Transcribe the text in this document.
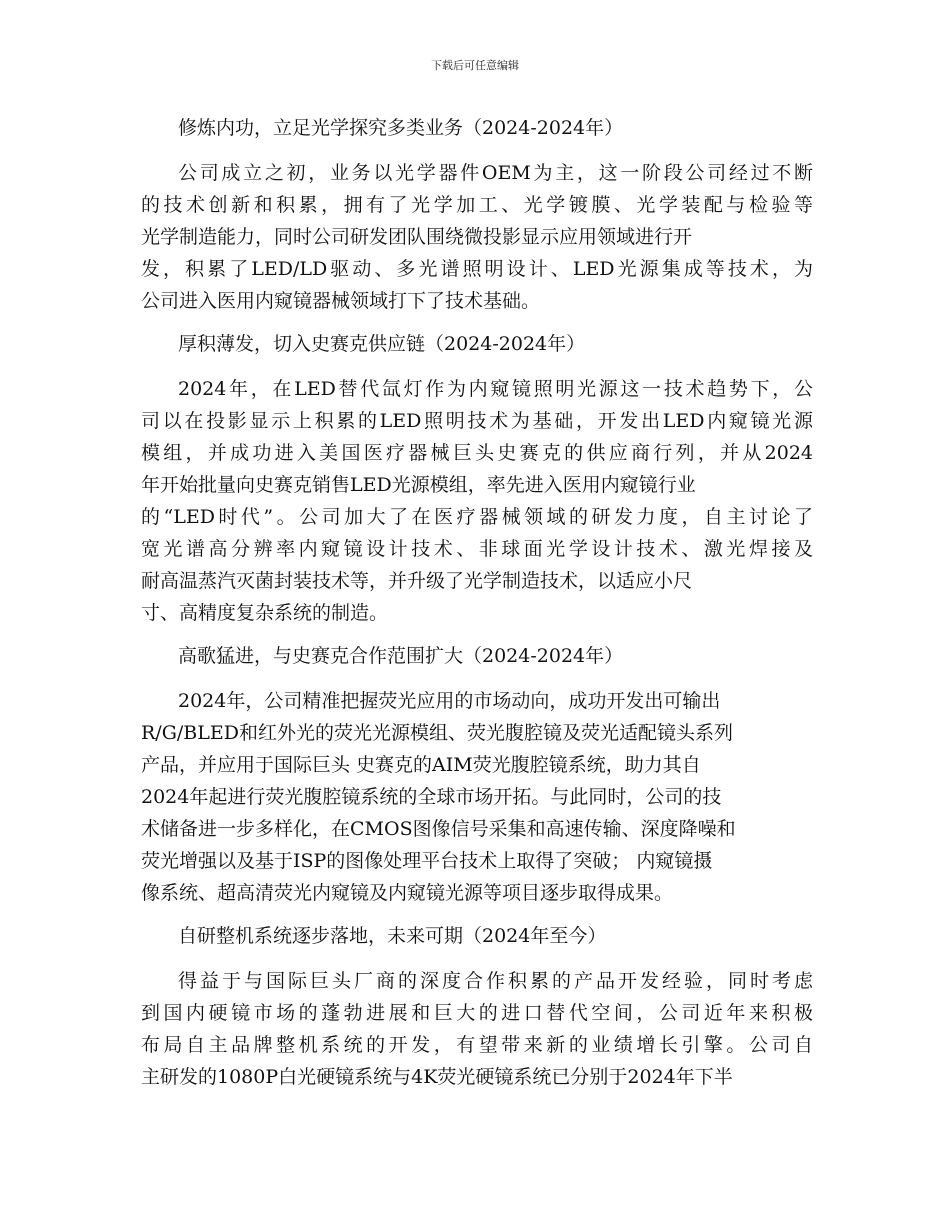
下载后可任意编辑
修炼内功，立足光学探究多类业务（2024-2024年）
公司成立之初，业务以光学器件OEM为主，这一阶段公司经过不断
的技术创新和积累，拥有了光学加工、光学镀膜、光学装配与检验等
光学制造能力，同时公司研发团队围绕微投影显示应用领域进行开
发，积累了LED/LD驱动、多光谱照明设计、LED光源集成等技术，为
公司进入医用内窥镜器械领域打下了技术基础。
厚积薄发，切入史赛克供应链（2024-2024年）
2024年，在LED替代氙灯作为内窥镜照明光源这一技术趋势下，公
司以在投影显示上积累的LED照明技术为基础，开发出LED内窥镜光源
模组，并成功进入美国医疗器械巨头史赛克的供应商行列，并从2024
年开始批量向史赛克销售LED光源模组，率先进入医用内窥镜行业
的“LED时代”。公司加大了在医疗器械领域的研发力度，自主讨论了
宽光谱高分辨率内窥镜设计技术、非球面光学设计技术、激光焊接及
耐高温蒸汽灭菌封装技术等，并升级了光学制造技术，以适应小尺
寸、高精度复杂系统的制造。
高歌猛进，与史赛克合作范围扩大（2024-2024年）
2024年，公司精准把握荧光应用的市场动向，成功开发出可输出
R/G/BLED和红外光的荧光光源模组、荧光腹腔镜及荧光适配镜头系列
产品，并应用于国际巨头 史赛克的AIM荧光腹腔镜系统，助力其自
2024年起进行荧光腹腔镜系统的全球市场开拓。与此同时，公司的技
术储备进一步多样化，在CMOS图像信号采集和高速传输、深度降噪和
荧光增强以及基于ISP的图像处理平台技术上取得了突破； 内窥镜摄
像系统、超高清荧光内窥镜及内窥镜光源等项目逐步取得成果。
自研整机系统逐步落地，未来可期（2024年至今）
得益于与国际巨头厂商的深度合作积累的产品开发经验，同时考虑
到国内硬镜市场的蓬勃进展和巨大的进口替代空间，公司近年来积极
布局自主品牌整机系统的开发，有望带来新的业绩增长引擎。公司自
主研发的1080P白光硬镜系统与4K荧光硬镜系统已分别于2024年下半
